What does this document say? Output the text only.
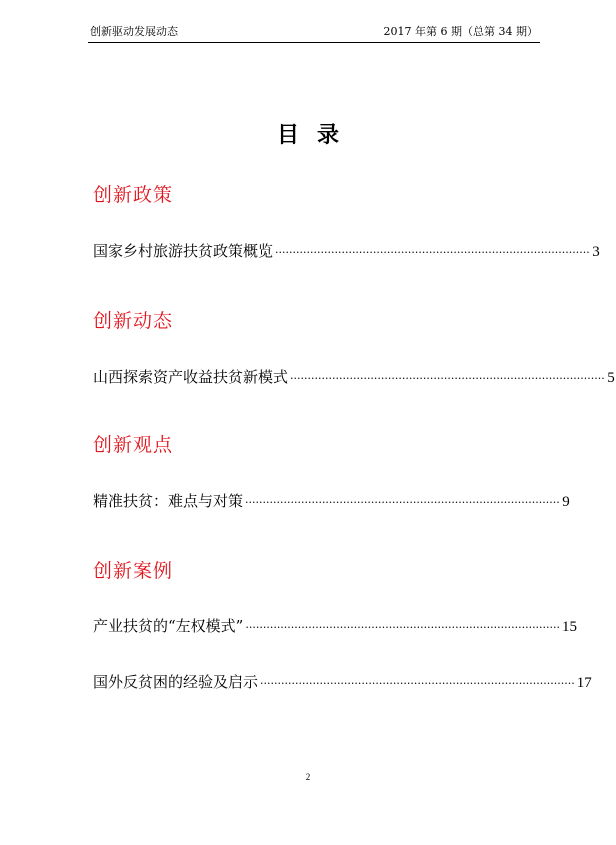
创新驱动发展动态	2017 年第 6 期（总第 34 期）
目录
创新政策
国家乡村旅游扶贫政策概览 ·························································································· 3
创新动态
山西探索资产收益扶贫新模式 ·························································································· 5
创新观点
精准扶贫：难点与对策 ·························································································· 9
创新案例
产业扶贫的“左权模式” ·························································································· 15
国外反贫困的经验及启示 ·························································································· 17
2
